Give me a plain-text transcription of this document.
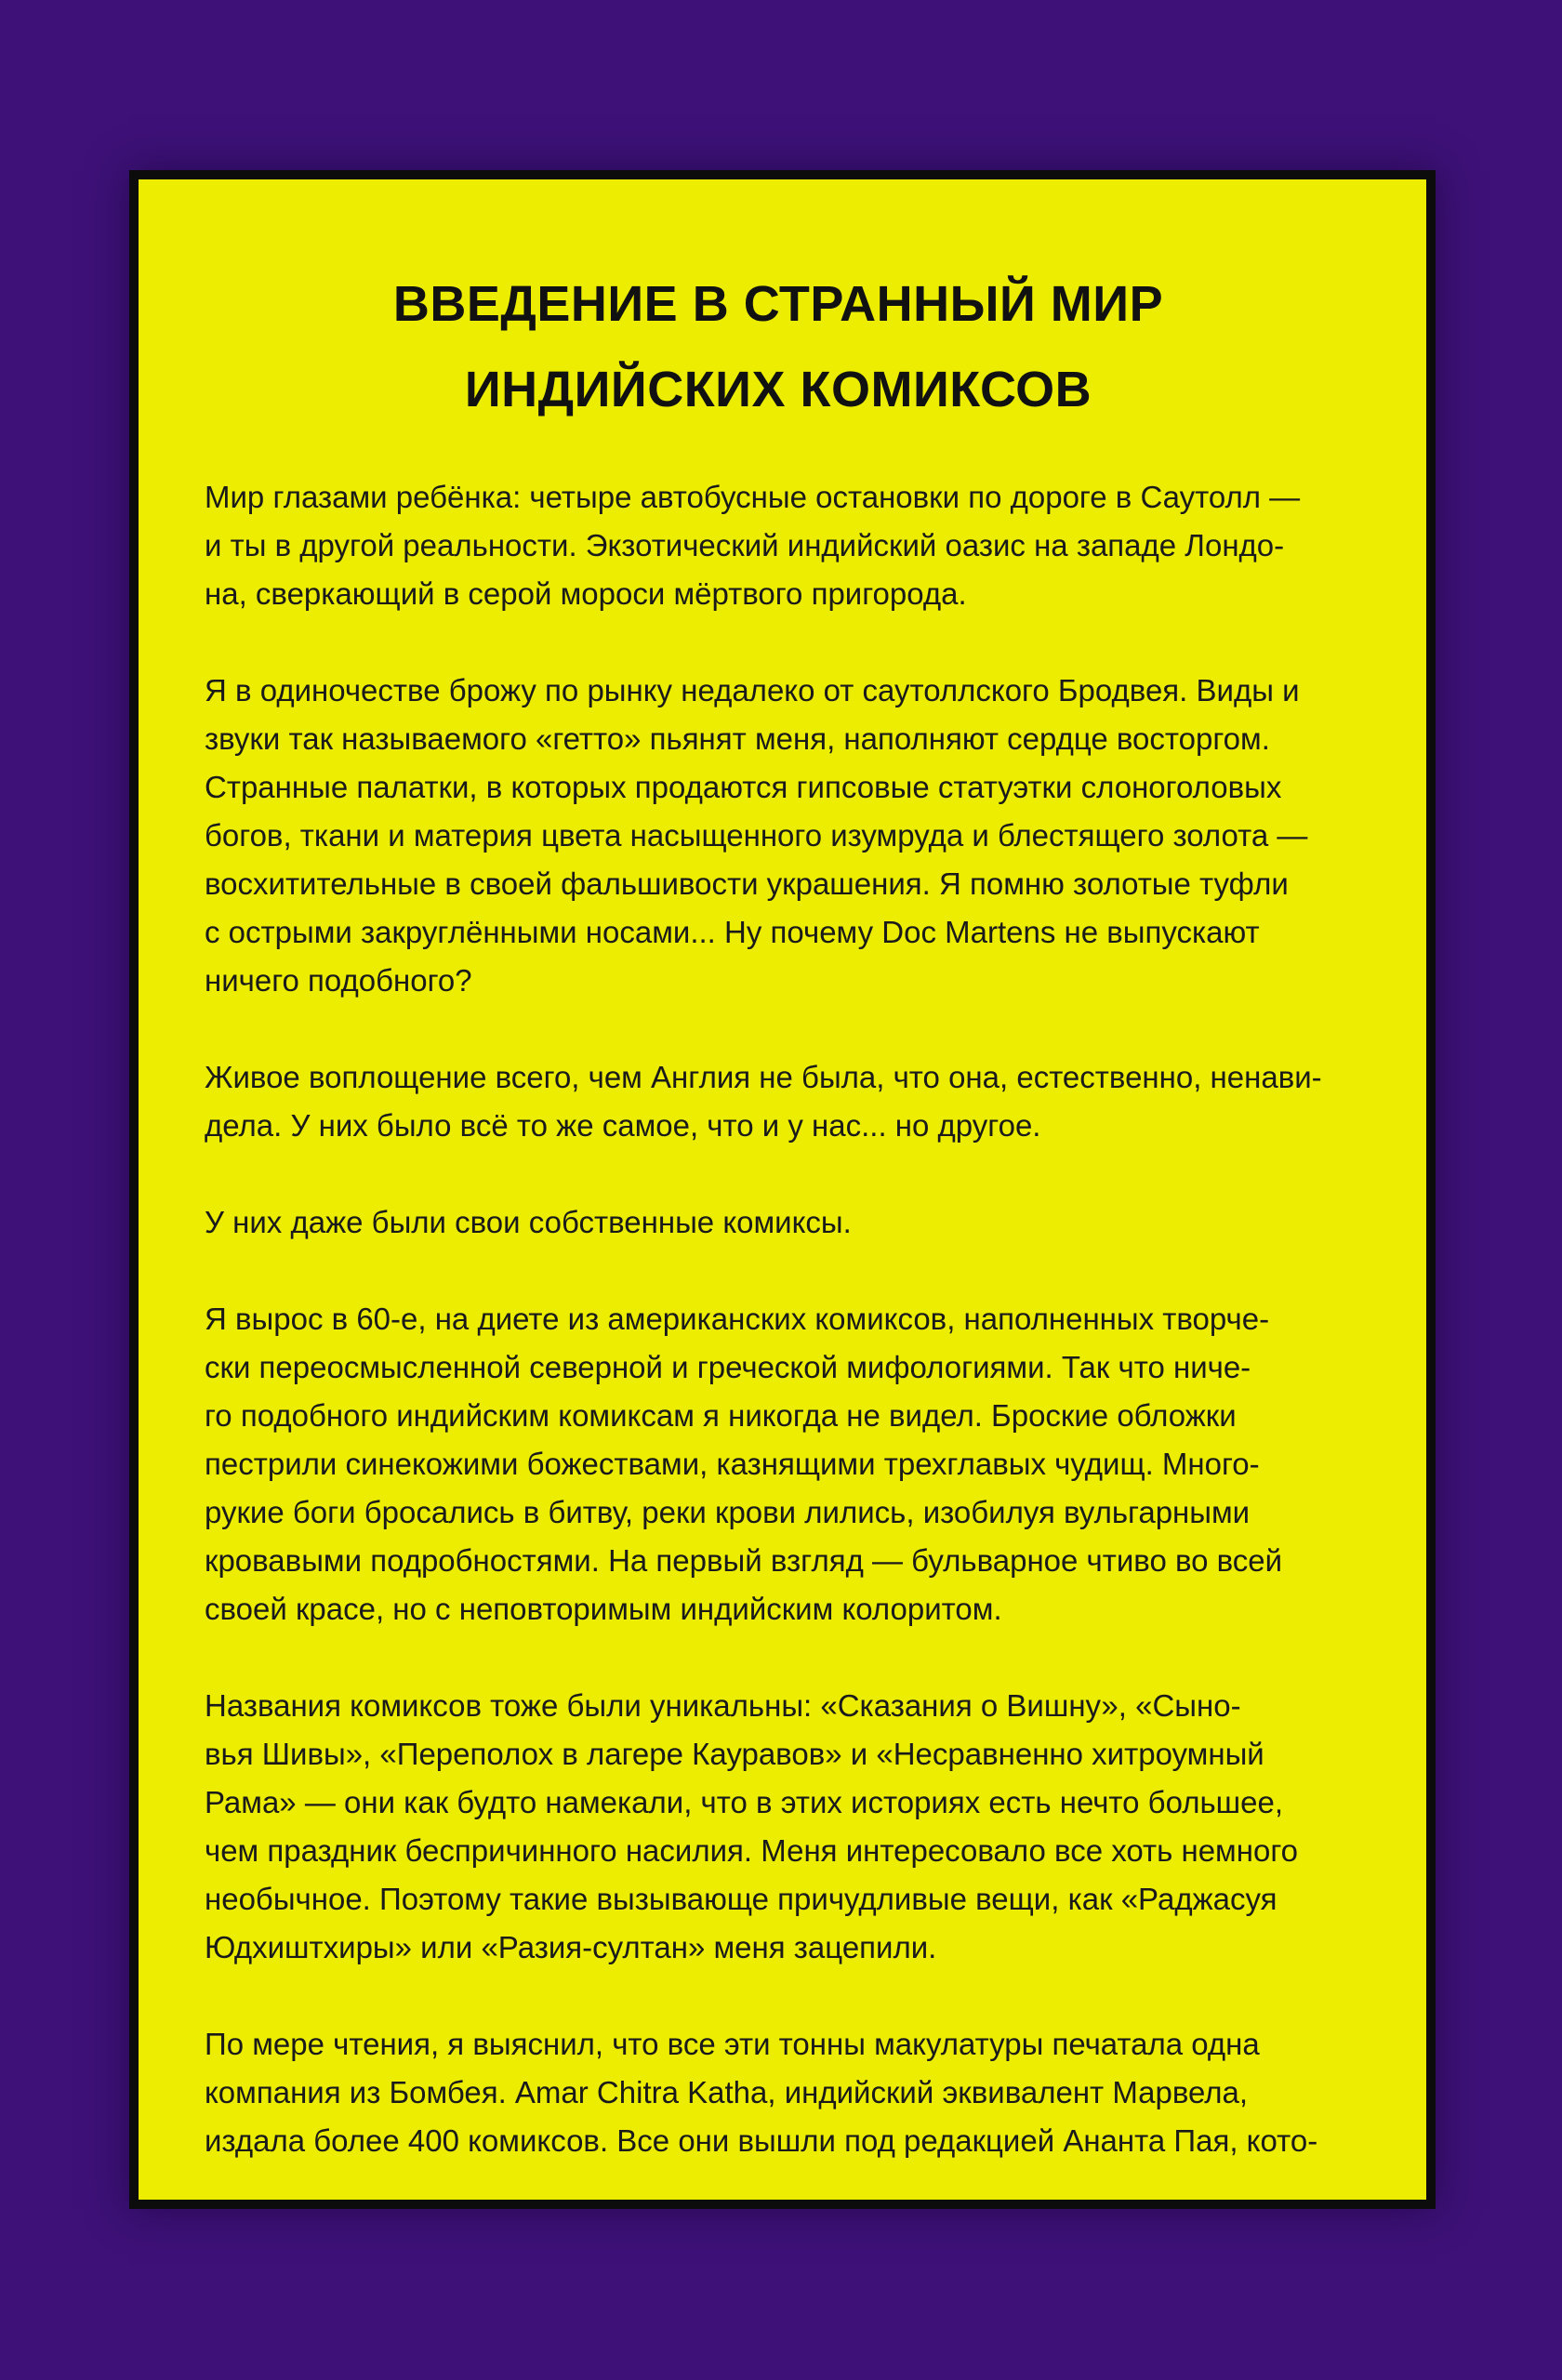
ВВЕДЕНИЕ В СТРАННЫЙ МИР
ИНДИЙСКИХ КОМИКСОВ

Мир глазами ребёнка: четыре автобусные остановки по дороге в Саутолл —
и ты в другой реальности. Экзотический индийский оазис на западе Лондо-
на, сверкающий в серой мороси мёртвого пригорода.

Я в одиночестве брожу по рынку недалеко от саутоллского Бродвея. Виды и
звуки так называемого «гетто» пьянят меня, наполняют сердце восторгом.
Странные палатки, в которых продаются гипсовые статуэтки слоноголовых
богов, ткани и материя цвета насыщенного изумруда и блестящего золота —
восхитительные в своей фальшивости украшения. Я помню золотые туфли
с острыми закруглёнными носами... Ну почему Doc Martens не выпускают
ничего подобного?

Живое воплощение всего, чем Англия не была, что она, естественно, ненави-
дела. У них было всё то же самое, что и у нас... но другое.

У них даже были свои собственные комиксы.

Я вырос в 60-е, на диете из американских комиксов, наполненных творче-
ски переосмысленной северной и греческой мифологиями. Так что ниче-
го подобного индийским комиксам я никогда не видел. Броские обложки
пестрили синекожими божествами, казнящими трехглавых чудищ. Много-
рукие боги бросались в битву, реки крови лились, изобилуя вульгарными
кровавыми подробностями. На первый взгляд — бульварное чтиво во всей
своей красе, но с неповторимым индийским колоритом.

Названия комиксов тоже были уникальны: «Сказания о Вишну», «Сыно-
вья Шивы», «Переполох в лагере Кауравов» и «Несравненно хитроумный
Рама» — они как будто намекали, что в этих историях есть нечто большее,
чем праздник беспричинного насилия. Меня интересовало все хоть немного
необычное. Поэтому такие вызывающе причудливые вещи, как «Раджасуя
Юдхиштхиры» или «Разия-султан» меня зацепили.

По мере чтения, я выяснил, что все эти тонны макулатуры печатала одна
компания из Бомбея. Amar Chitra Katha, индийский эквивалент Марвела,
издала более 400 комиксов. Все они вышли под редакцией Ананта Пая, кото-
